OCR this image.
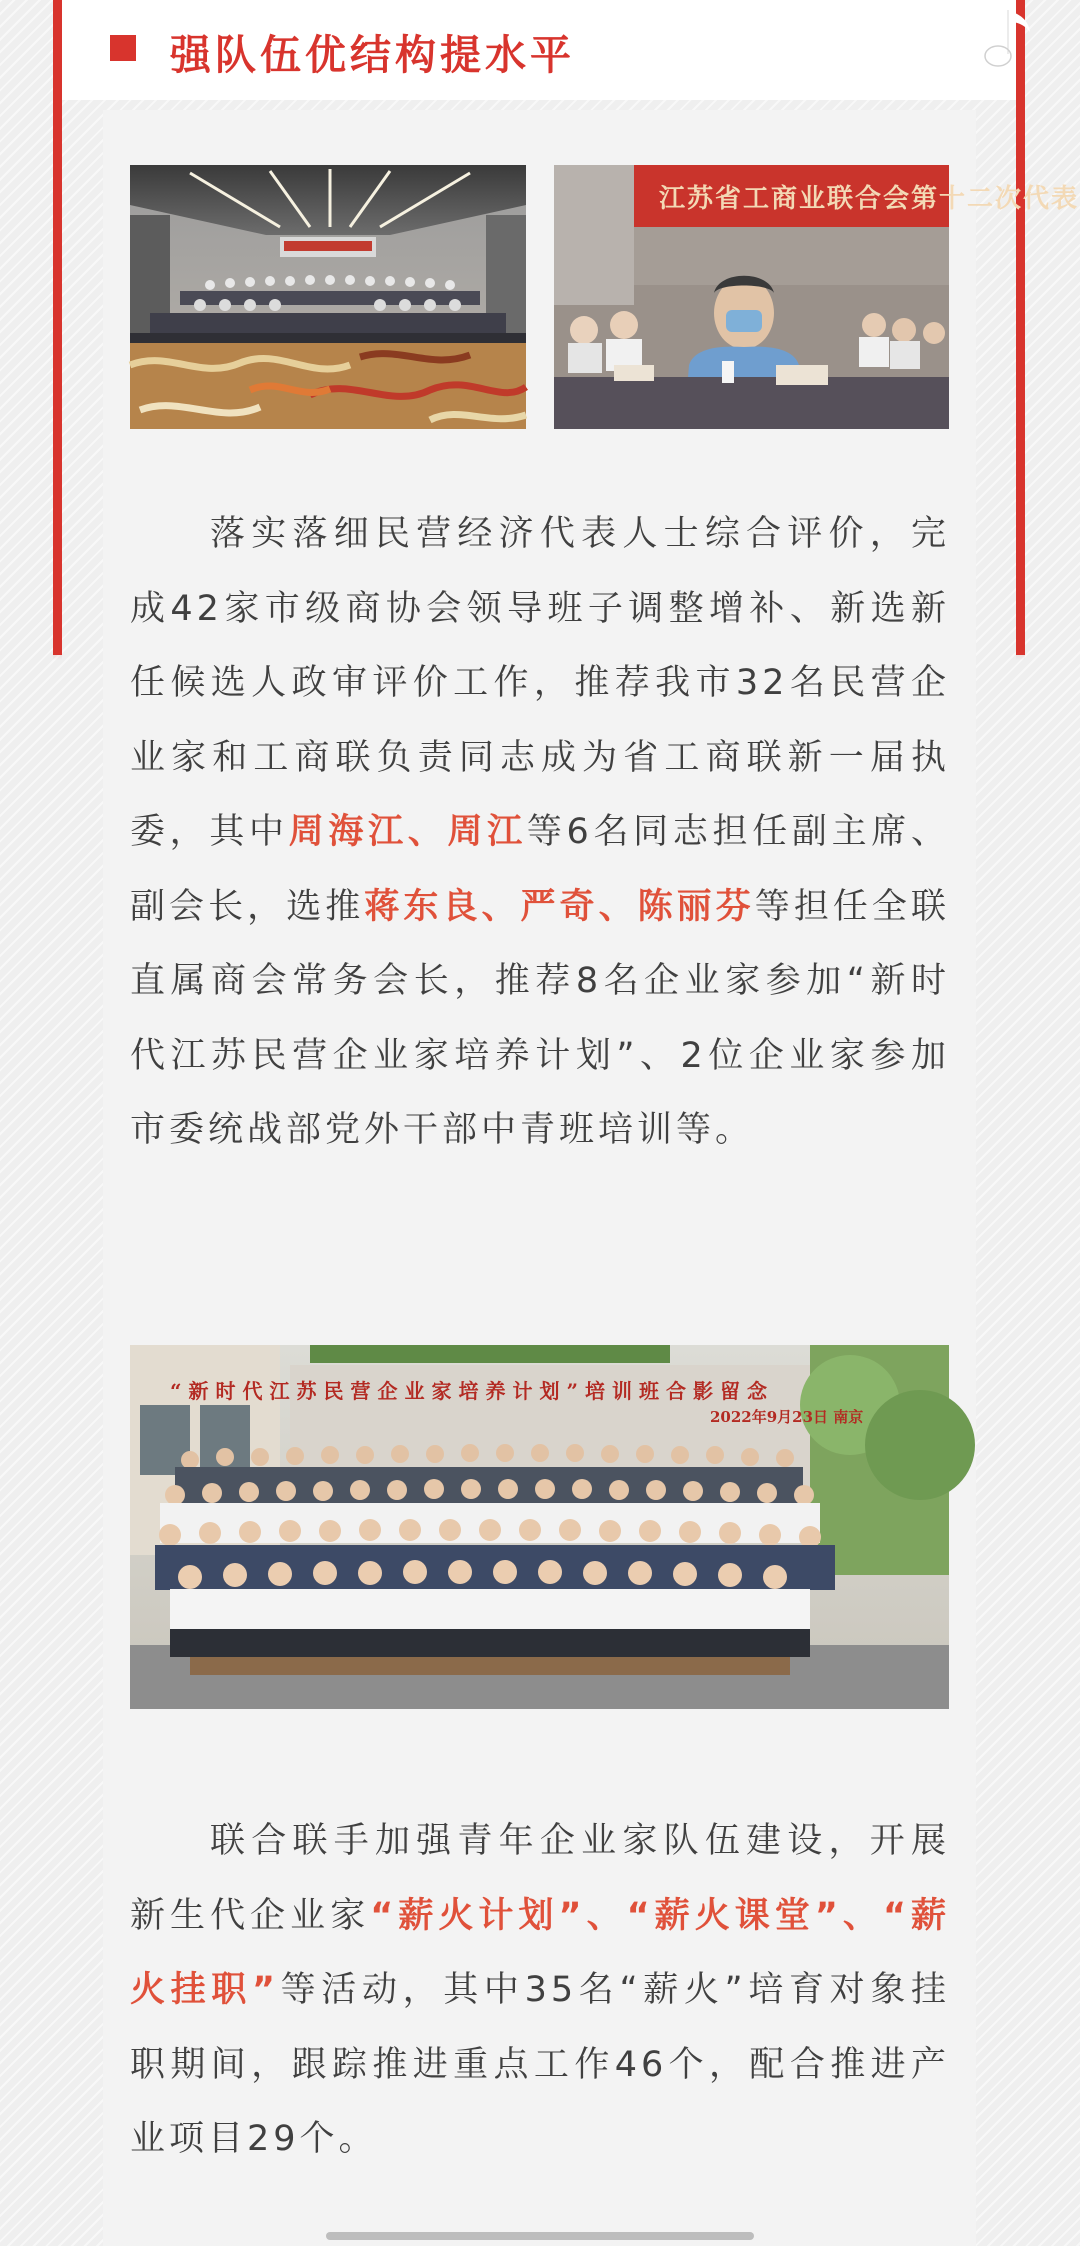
强队伍优结构提水平
江苏省工商业联合会第十二次代表
落实落细民营经济代表人士综合评价，完成42家市级商协会领导班子调整增补、新选新任候选人政审评价工作，推荐我市32名民营企业家和工商联负责同志成为省工商联新一届执委，其中周海江、周江等6名同志担任副主席、副会长，选推蒋东良、严奇、陈丽芬等担任全联直属商会常务会长，推荐8名企业家参加“新时代江苏民营企业家培养计划”、2位企业家参加市委统战部党外干部中青班培训等。
“新时代江苏民营企业家培养计划”培训班合影留念
2022年9月23日 南京
联合联手加强青年企业家队伍建设，开展新生代企业家“薪火计划”、“薪火课堂”、“薪火挂职”等活动，其中35名“薪火”培育对象挂职期间，跟踪推进重点工作46个，配合推进产业项目29个。
